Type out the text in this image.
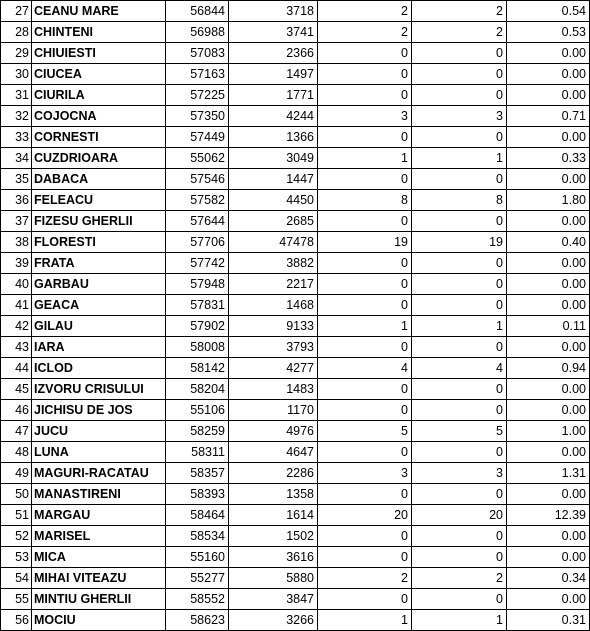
27	CEANU MARE	56844	3718	2	2	0.54
28	CHINTENI	56988	3741	2	2	0.53
29	CHIUIESTI	57083	2366	0	0	0.00
30	CIUCEA	57163	1497	0	0	0.00
31	CIURILA	57225	1771	0	0	0.00
32	COJOCNA	57350	4244	3	3	0.71
33	CORNESTI	57449	1366	0	0	0.00
34	CUZDRIOARA	55062	3049	1	1	0.33
35	DABACA	57546	1447	0	0	0.00
36	FELEACU	57582	4450	8	8	1.80
37	FIZESU GHERLII	57644	2685	0	0	0.00
38	FLORESTI	57706	47478	19	19	0.40
39	FRATA	57742	3882	0	0	0.00
40	GARBAU	57948	2217	0	0	0.00
41	GEACA	57831	1468	0	0	0.00
42	GILAU	57902	9133	1	1	0.11
43	IARA	58008	3793	0	0	0.00
44	ICLOD	58142	4277	4	4	0.94
45	IZVORU CRISULUI	58204	1483	0	0	0.00
46	JICHISU DE JOS	55106	1170	0	0	0.00
47	JUCU	58259	4976	5	5	1.00
48	LUNA	58311	4647	0	0	0.00
49	MAGURI-RACATAU	58357	2286	3	3	1.31
50	MANASTIRENI	58393	1358	0	0	0.00
51	MARGAU	58464	1614	20	20	12.39
52	MARISEL	58534	1502	0	0	0.00
53	MICA	55160	3616	0	0	0.00
54	MIHAI VITEAZU	55277	5880	2	2	0.34
55	MINTIU GHERLII	58552	3847	0	0	0.00
56	MOCIU	58623	3266	1	1	0.31
